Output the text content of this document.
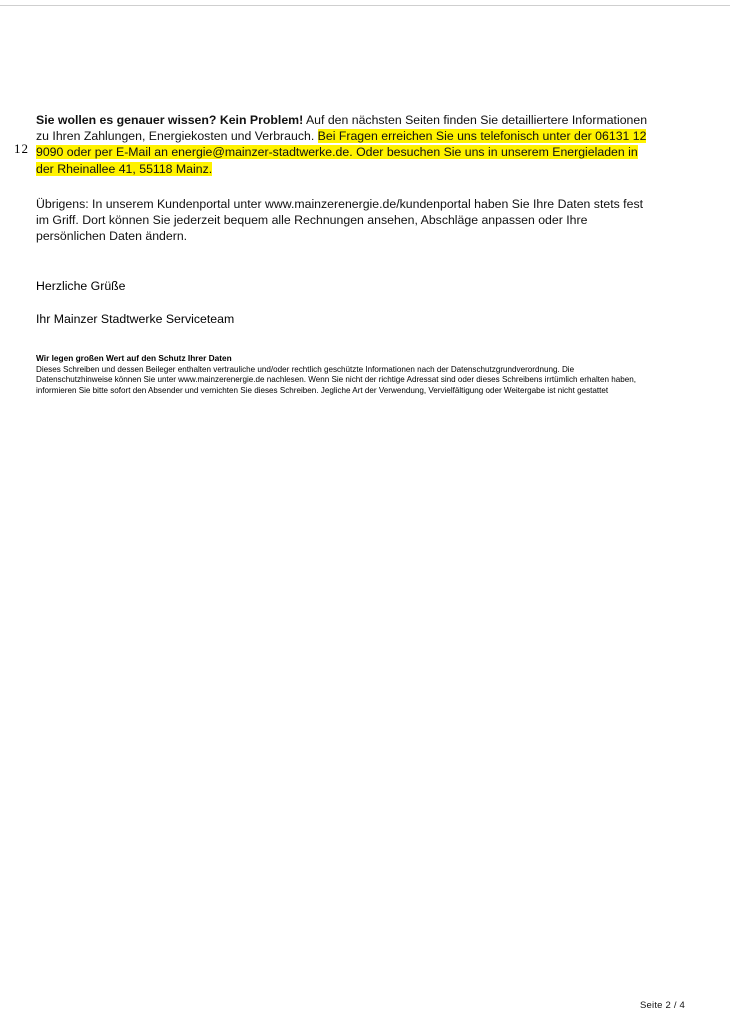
12

Sie wollen es genauer wissen? Kein Problem! Auf den nächsten Seiten finden Sie detailliertere Informationen zu Ihren Zahlungen, Energiekosten und Verbrauch. Bei Fragen erreichen Sie uns telefonisch unter der 06131 12 9090 oder per E-Mail an energie@mainzer-stadtwerke.de. Oder besuchen Sie uns in unserem Energieladen in der Rheinallee 41, 55118 Mainz.

Übrigens: In unserem Kundenportal unter www.mainzerenergie.de/kundenportal haben Sie Ihre Daten stets fest im Griff. Dort können Sie jederzeit bequem alle Rechnungen ansehen, Abschläge anpassen oder Ihre persönlichen Daten ändern.

Herzliche Grüße

Ihr Mainzer Stadtwerke Serviceteam

Wir legen großen Wert auf den Schutz Ihrer Daten

Dieses Schreiben und dessen Beileger enthalten vertrauliche und/oder rechtlich geschützte Informationen nach der Datenschutzgrundverordnung. Die Datenschutzhinweise können Sie unter www.mainzerenergie.de nachlesen. Wenn Sie nicht der richtige Adressat sind oder dieses Schreibens irrtümlich erhalten haben, informieren Sie bitte sofort den Absender und vernichten Sie dieses Schreiben. Jegliche Art der Verwendung, Vervielfältigung oder Weitergabe ist nicht gestattet

Seite 2 / 4
